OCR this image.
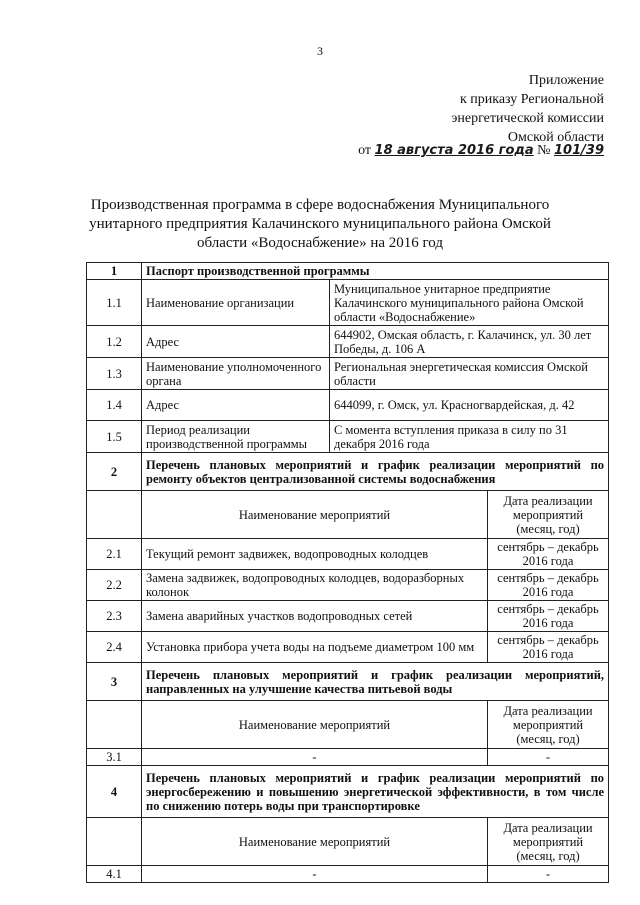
3
Приложение
к приказу Региональной
энергетической комиссии
Омской области
от 18 августа 2016 года № 101/39
Производственная программа в сфере водоснабжения Муниципального унитарного предприятия Калачинского муниципального района Омской области «Водоснабжение» на 2016 год
1	Паспорт производственной программы		
1.1	Наименование организации	Муниципальное унитарное предприятие Калачинского муниципального района Омской области «Водоснабжение»	
1.2	Адрес	644902, Омская область, г. Калачинск, ул. 30 лет Победы, д. 106 А	
1.3	Наименование уполномоченного органа	Региональная энергетическая комиссия Омской области	
1.4	Адрес	644099, г. Омск, ул. Красногвардейская, д. 42	
1.5	Период реализации производственной программы	С момента вступления приказа в силу по 31 декабря 2016 года	
2	Перечень плановых мероприятий и график реализации мероприятий по ремонту объектов централизованной системы водоснабжения		
	Наименование мероприятий		Дата реализации мероприятий (месяц, год)
2.1	Текущий ремонт задвижек, водопроводных колодцев		сентябрь – декабрь 2016 года
2.2	Замена задвижек, водопроводных колодцев, водоразборных колонок		сентябрь – декабрь 2016 года
2.3	Замена аварийных участков водопроводных сетей		сентябрь – декабрь 2016 года
2.4	Установка прибора учета воды на подъеме диаметром 100 мм		сентябрь – декабрь 2016 года
3	Перечень плановых мероприятий и график реализации мероприятий, направленных на улучшение качества питьевой воды		
	Наименование мероприятий		Дата реализации мероприятий (месяц, год)
3.1	-		-
4	Перечень плановых мероприятий и график реализации мероприятий по энергосбережению и повышению энергетической эффективности, в том числе по снижению потерь воды при транспортировке		
	Наименование мероприятий		Дата реализации мероприятий (месяц, год)
4.1	-		-
